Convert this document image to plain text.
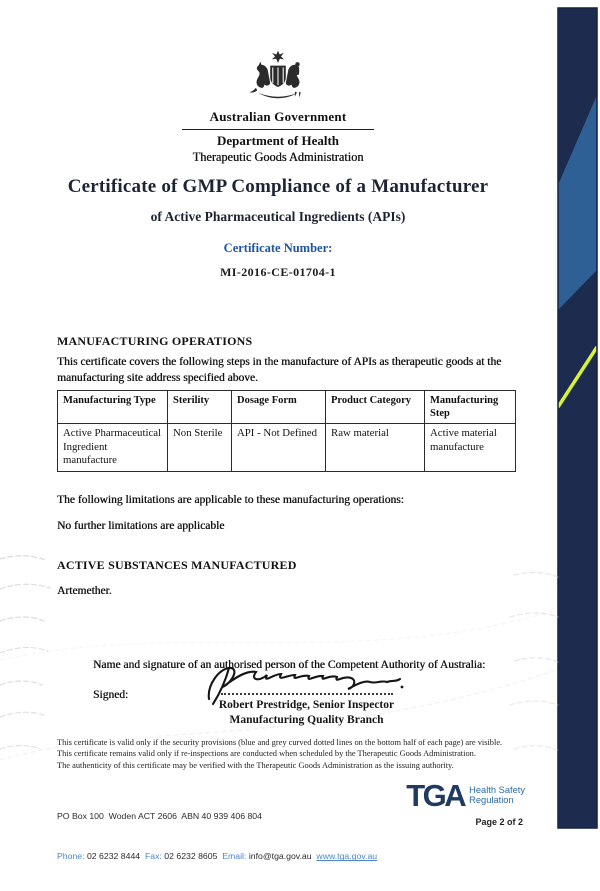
Australian Government
Department of Health
Therapeutic Goods Administration
Certificate of GMP Compliance of a Manufacturer
of Active Pharmaceutical Ingredients (APIs)
Certificate Number:
MI-2016-CE-01704-1
MANUFACTURING OPERATIONS

This certificate covers the following steps in the manufacture of APIs as therapeutic goods at the manufacturing site address specified above.

Manufacturing Type	Sterility	Dosage Form	Product Category	Manufacturing Step
Active Pharmaceutical Ingredient manufacture	Non Sterile	API - Not Defined	Raw material	Active material manufacture

The following limitations are applicable to these manufacturing operations:

No further limitations are applicable

ACTIVE SUBSTANCES MANUFACTURED

Artemether.

Name and signature of an authorised person of the Competent Authority of Australia:

Signed:
Robert Prestridge, Senior Inspector
Manufacturing Quality Branch
This certificate is valid only if the security provisions (blue and grey curved dotted lines on the bottom half of each page) are visible.
This certificate remains valid only if re-inspections are conducted when scheduled by the Therapeutic Goods Administration.
The authenticity of this certificate may be verified with the Therapeutic Goods Administration as the issuing authority.

PO Box 100  Woden ACT 2606  ABN 40 939 406 804

Phone: 02 6232 8444 Fax: 02 6232 8605 Email: info@tga.gov.au www.tga.gov.au

TGA Health Safety
Regulation
Page 2 of 2
